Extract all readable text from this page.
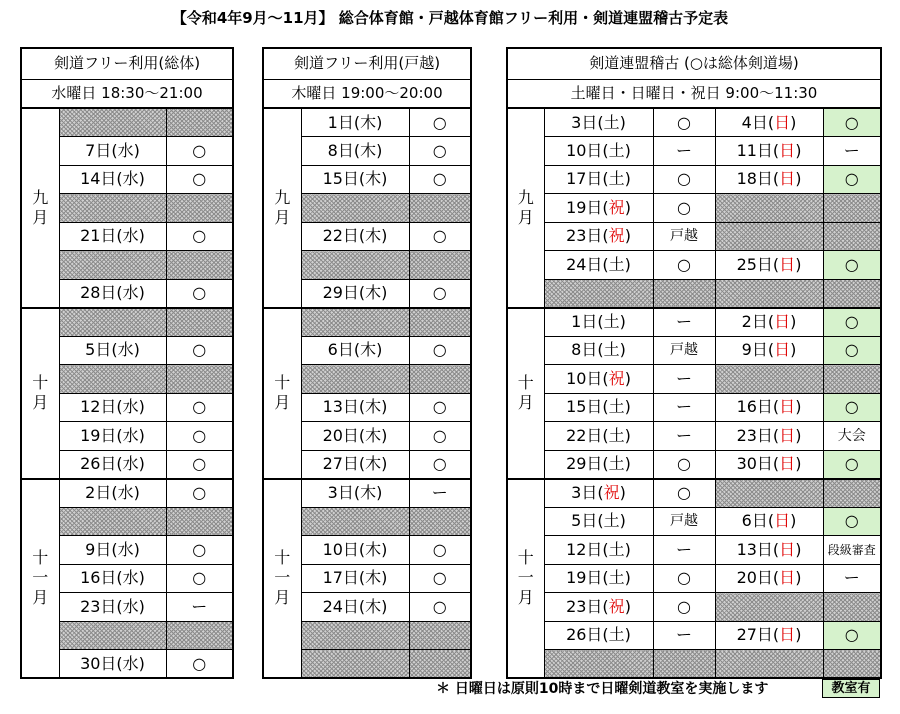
【令和4年9月～11月】 総合体育館・戸越体育館フリー利用・剣道連盟稽古予定表
剣道フリー利用(総体)		
水曜日 18:30～21:00		
九月		
	7日(水)	○
	14日(水)	○

	21日(水)	○

	28日(水)	○
十月		
	5日(水)	○

	12日(水)	○
	19日(水)	○
	26日(水)	○
十一月	2日(水)	○

	9日(水)	○
	16日(水)	○
	23日(水)	ー

	30日(水)	○
剣道フリー利用(戸越)		
木曜日 19:00～20:00		
九月	1日(木)	○
	8日(木)	○
	15日(木)	○

	22日(木)	○

	29日(木)	○
十月		
	6日(木)	○

	13日(木)	○
	20日(木)	○
	27日(木)	○
十一月	3日(木)	ー

	10日(木)	○
	17日(木)	○
	24日(木)	○

剣道連盟稽古 (○は総体剣道場)				
土曜日・日曜日・祝日 9:00～11:30				
九月	3日(土)	○	4日(日)	○
	10日(土)	ー	11日(日)	ー
	17日(土)	○	18日(日)	○
	19日(祝)	○		
	23日(祝)	戸越		
	24日(土)	○	25日(日)	○

十月	1日(土)	ー	2日(日)	○
	8日(土)	戸越	9日(日)	○
	10日(祝)	ー		
	15日(土)	ー	16日(日)	○
	22日(土)	ー	23日(日)	大会
	29日(土)	○	30日(日)	○
十一月	3日(祝)	○		
	5日(土)	戸越	6日(日)	○
	12日(土)	ー	13日(日)	段級審査
	19日(土)	○	20日(日)	ー
	23日(祝)	○		
	26日(土)	ー	27日(日)	○

＊ 日曜日は原則10時まで日曜剣道教室を実施します	教室有
